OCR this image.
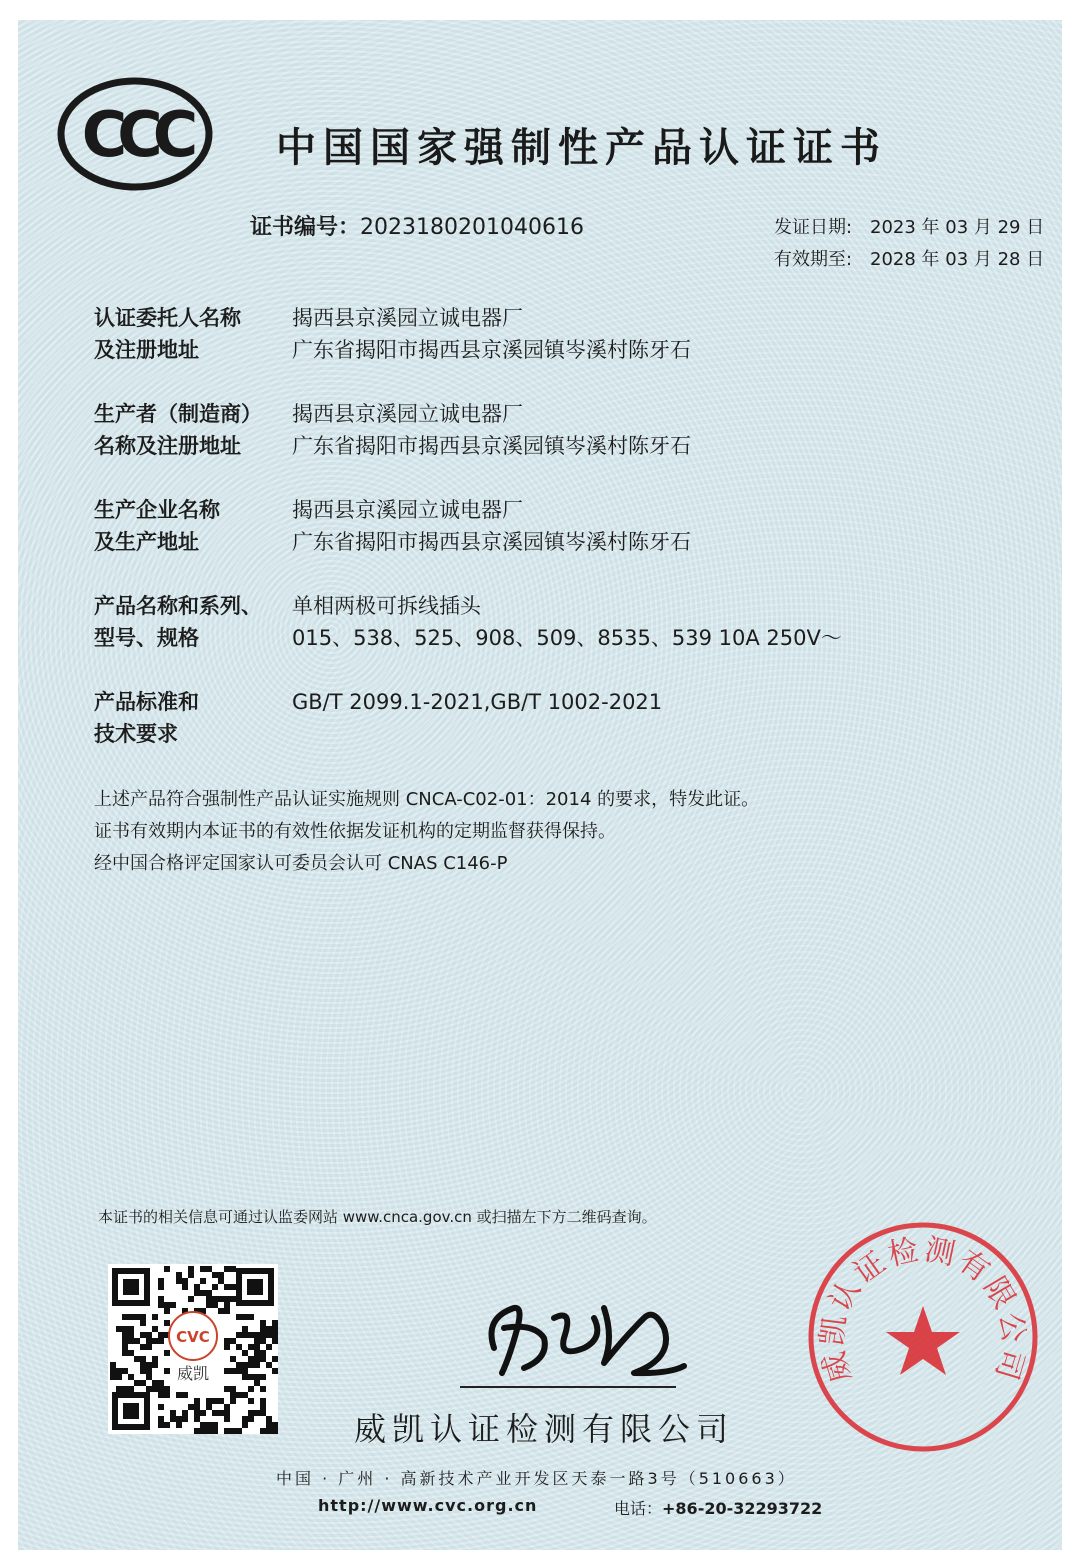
CCC 中国国家强制性产品认证证书
证书编号：2023180201040616	发证日期: 2023 年 03 月 29 日
有效期至: 2028 年 03 月 28 日
认证委托人名称
及注册地址
揭西县京溪园立诚电器厂
广东省揭阳市揭西县京溪园镇岑溪村陈牙石
生产者（制造商）
名称及注册地址
揭西县京溪园立诚电器厂
广东省揭阳市揭西县京溪园镇岑溪村陈牙石
生产企业名称
及生产地址
揭西县京溪园立诚电器厂
广东省揭阳市揭西县京溪园镇岑溪村陈牙石
产品名称和系列、
型号、规格
单相两极可拆线插头
015、538、525、908、509、8535、539 10A 250V～
产品标准和
技术要求
GB/T 2099.1-2021,GB/T 1002-2021
上述产品符合强制性产品认证实施规则 CNCA-C02-01：2014 的要求，特发此证。
证书有效期内本证书的有效性依据发证机构的定期监督获得保持。
经中国合格评定国家认可委员会认可 CNAS C146-P
本证书的相关信息可通过认监委网站 www.cnca.gov.cn 或扫描左下方二维码查询。
CVC
威凯
威凯认证检测有限公司
中国 · 广州 · 高新技术产业开发区天泰一路3号（510663）
http://www.cvc.org.cn	电话：+86-20-32293722
威凯认证检测有限公司
